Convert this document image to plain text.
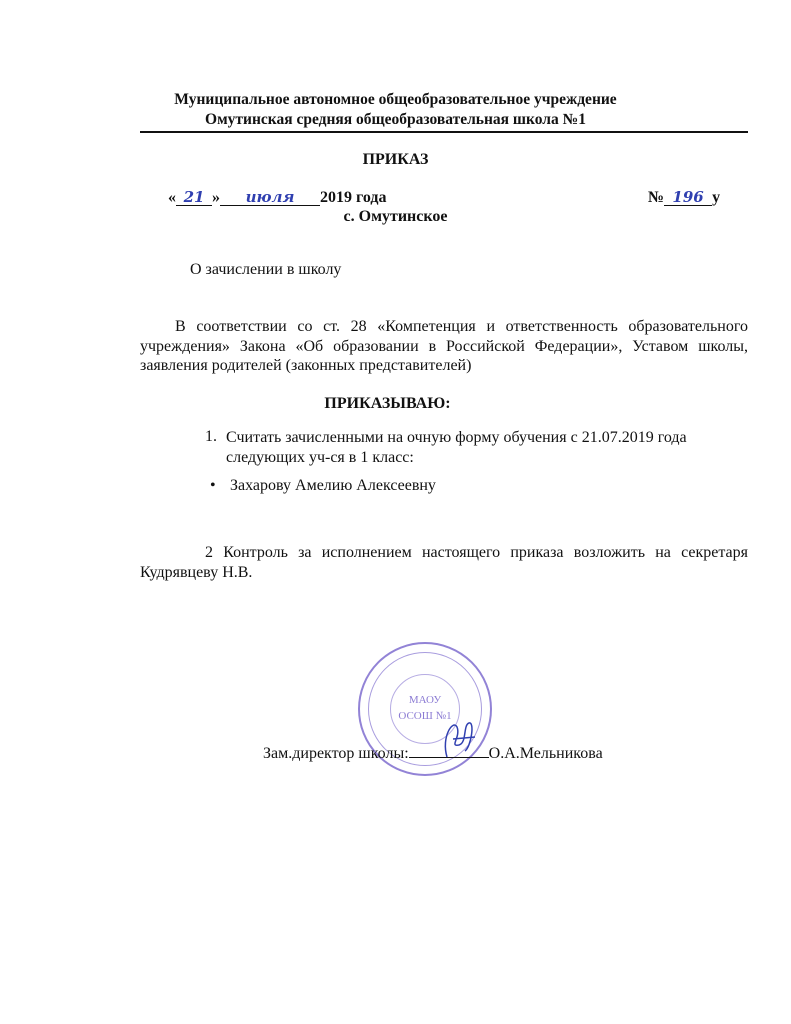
Муниципальное автономное общеобразовательное учреждение
Омутинская средняя общеобразовательная школа №1
ПРИКАЗ
« 21 » июля 2019 года	№ 196 у
с. Омутинское
О зачислении в школу
В соответствии со ст. 28 «Компетенция и ответственность образовательного учреждения» Закона «Об образовании в Российской Федерации», Уставом школы, заявления родителей (законных представителей)
ПРИКАЗЫВАЮ:
1. Считать зачисленными на очную форму обучения с 21.07.2019 года следующих уч-ся в 1 класс:
• Захарову Амелию Алексеевну
2 Контроль за исполнением настоящего приказа возложить на секретаря Кудрявцеву Н.В.
МАОУ
ОСОШ №1
Зам.директор школы:	О.А.Мельникова
